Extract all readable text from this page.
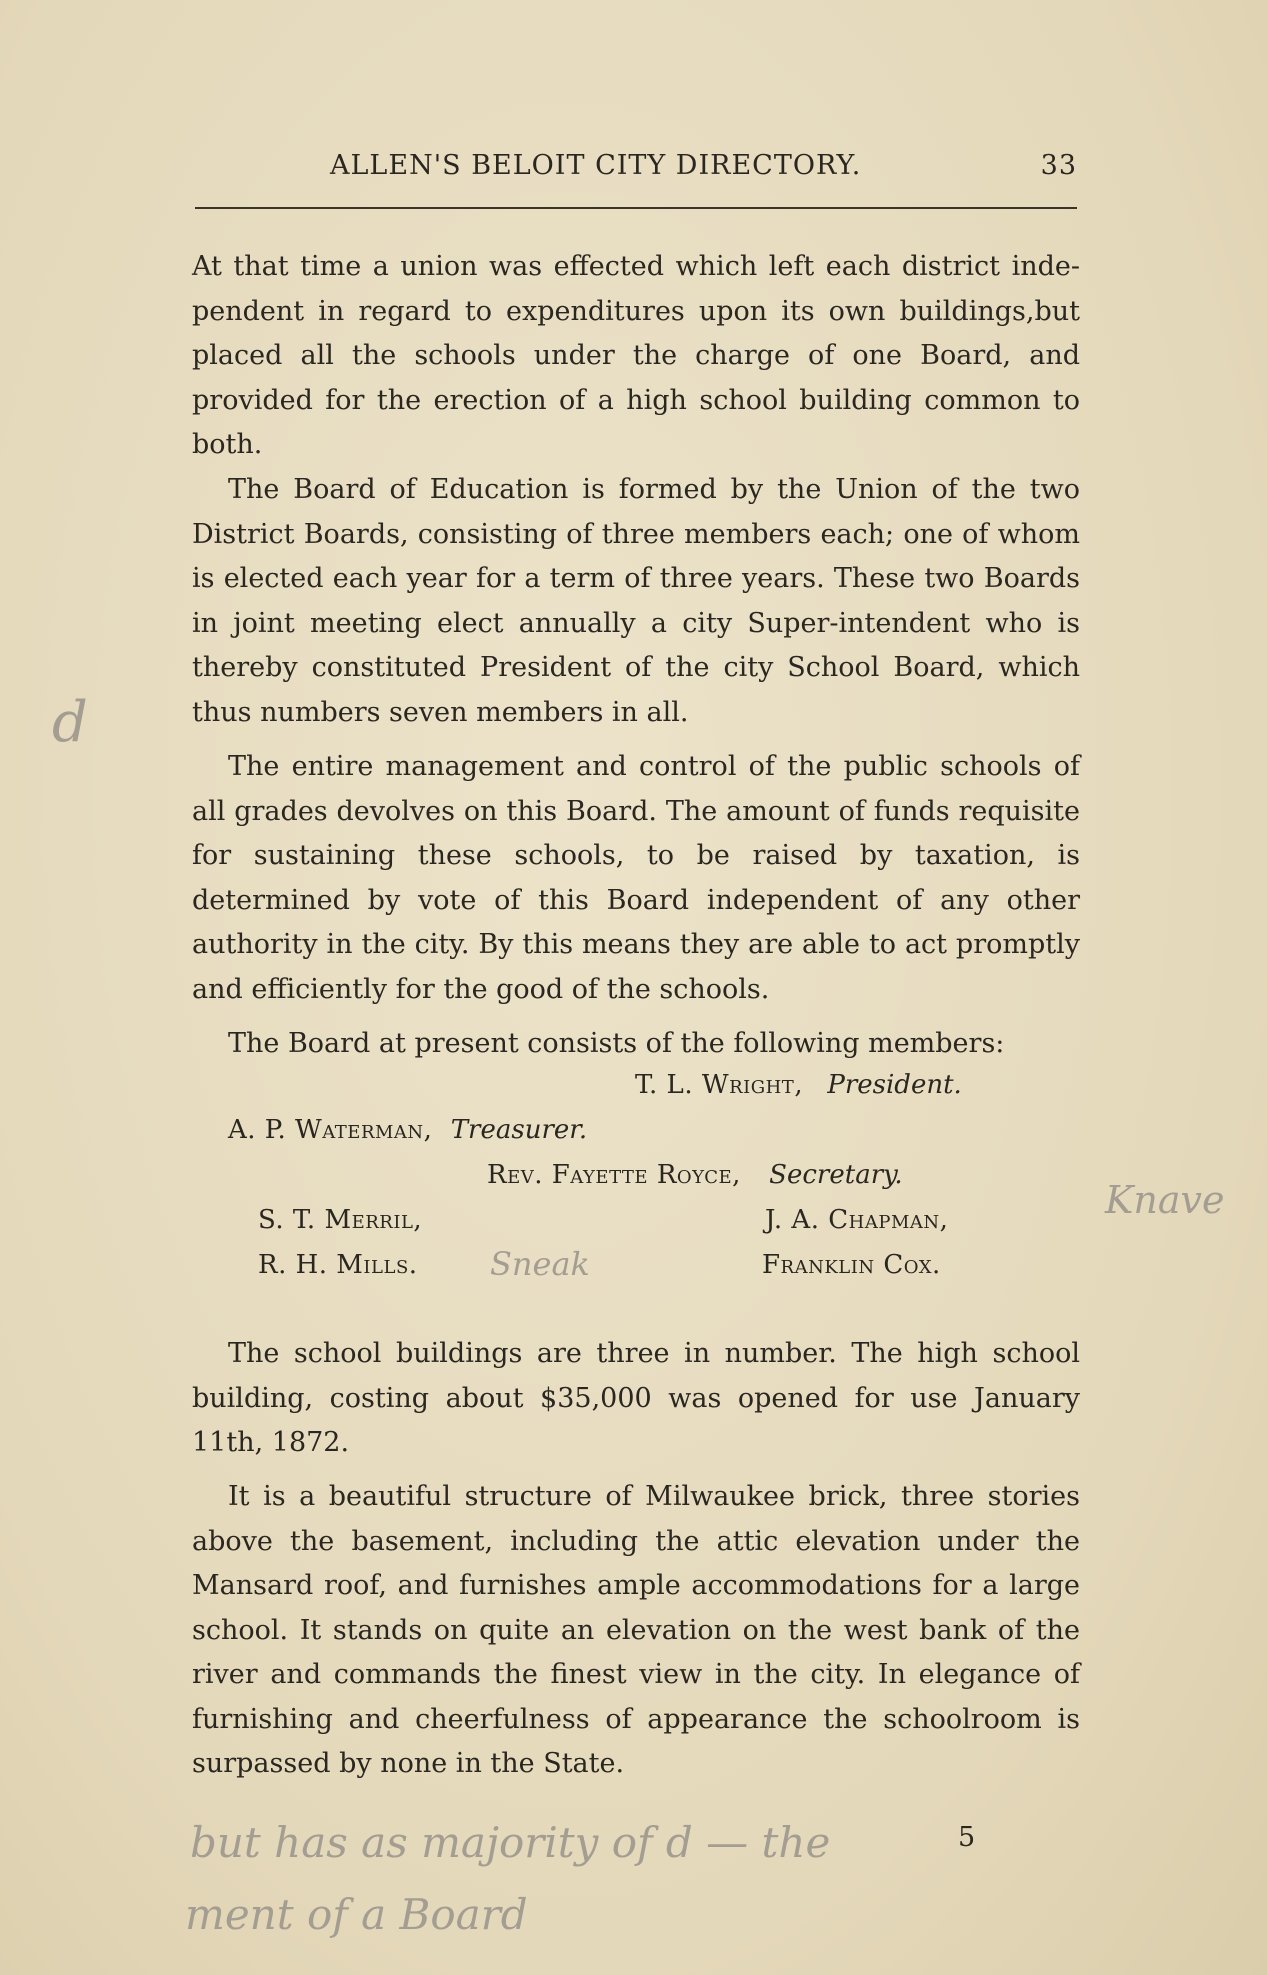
ALLEN'S BELOIT CITY DIRECTORY.	33

At that time a union was effected which left each district inde-pendent in regard to expenditures upon its own buildings,but placed all the schools under the charge of one Board, and provided for the erection of a high school building common to both.

The Board of Education is formed by the Union of the two District Boards, consisting of three members each; one of whom is elected each year for a term of three years. These two Boards in joint meeting elect annually a city Super-intendent who is thereby constituted President of the city School Board, which thus numbers seven members in all.

The entire management and control of the public schools of all grades devolves on this Board. The amount of funds requisite for sustaining these schools, to be raised by taxation, is determined by vote of this Board independent of any other authority in the city. By this means they are able to act promptly and efficiently for the good of the schools.

The Board at present consists of the following members:

T. L. Wright, President.
A. P. Waterman, Treasurer.
Rev. Fayette Royce, Secretary.
S. T. Merril,	J. A. Chapman,
R. H. Mills.	Franklin Cox.

The school buildings are three in number. The high school building, costing about $35,000 was opened for use January 11th, 1872.

It is a beautiful structure of Milwaukee brick, three stories above the basement, including the attic elevation under the Mansard roof, and furnishes ample accommodations for a large school. It stands on quite an elevation on the west bank of the river and commands the finest view in the city. In elegance of furnishing and cheerfulness of appearance the schoolroom is surpassed by none in the State.

5
d
Knave
Sneak
but has as majority of d — the
ment of a Board
